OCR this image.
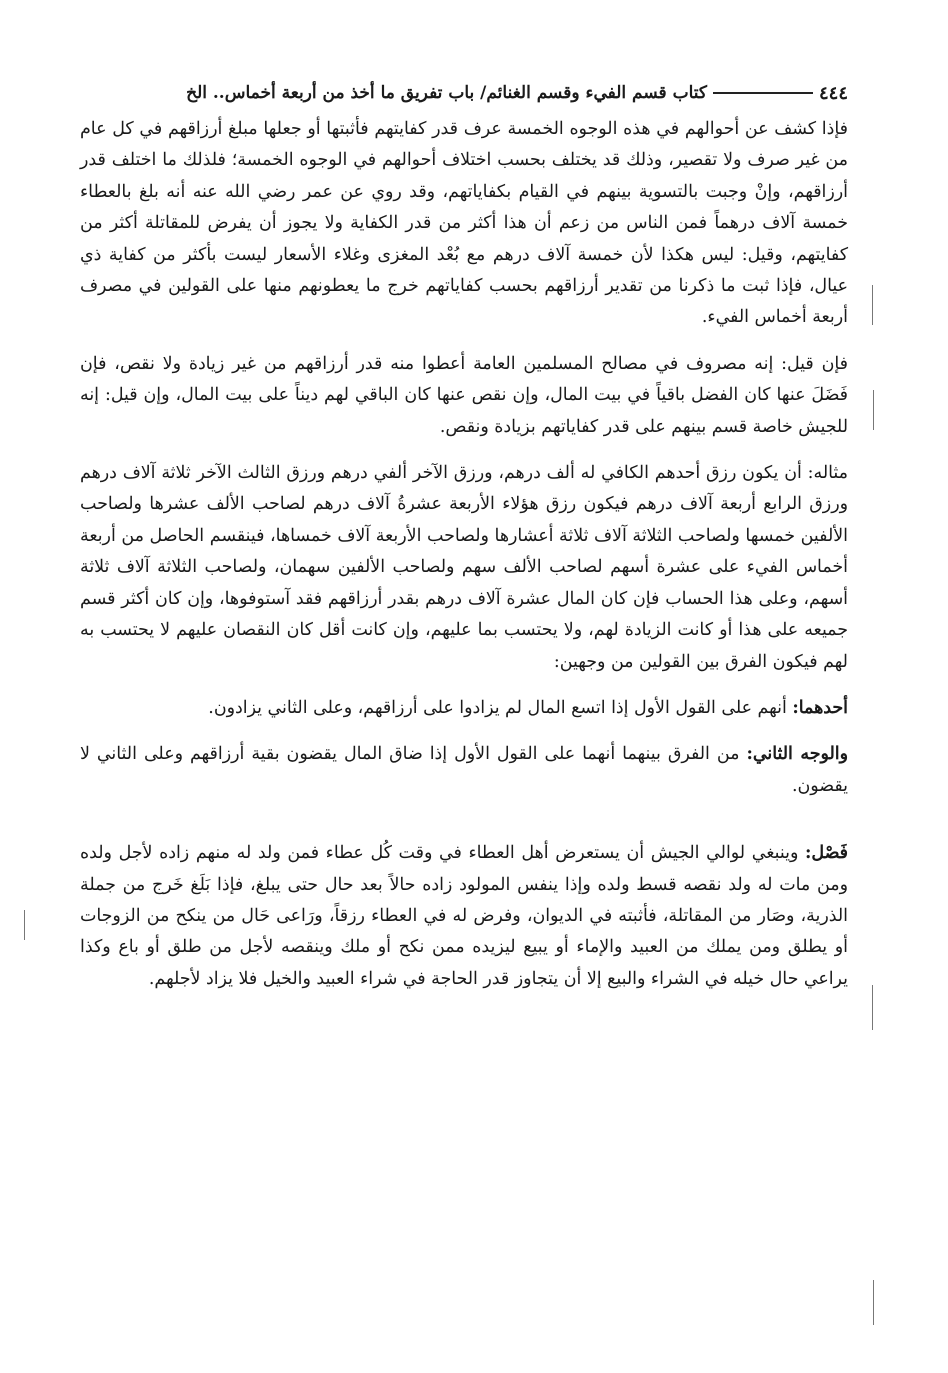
٤٤٤
كتاب قسم الفيء وقسم الغنائم/ باب تفريق ما أخذ من أربعة أخماس.. الخ

فإذا كشف عن أحوالهم في هذه الوجوه الخمسة عرف قدر كفايتهم فأثبتها أو جعلها مبلغ أرزاقهم في كل عام من غير صرف ولا تقصير، وذلك قد يختلف بحسب اختلاف أحوالهم في الوجوه الخمسة؛ فلذلك ما اختلف قدر أرزاقهم، وإنْ وجبت بالتسوية بينهم في القيام بكفاياتهم، وقد روي عن عمر رضي الله عنه أنه بلغ بالعطاء خمسة آلاف درهماً فمن الناس من زعم أن هذا أكثر من قدر الكفاية ولا يجوز أن يفرض للمقاتلة أكثر من كفايتهم، وقيل: ليس هكذا لأن خمسة آلاف درهم مع بُعْد المغزى وغلاء الأسعار ليست بأكثر من كفاية ذي عيال، فإذا ثبت ما ذكرنا من تقدير أرزاقهم بحسب كفاياتهم خرج ما يعطونهم منها على القولين في مصرف أربعة أخماس الفيء.

فإن قيل: إنه مصروف في مصالح المسلمين العامة أعطوا منه قدر أرزاقهم من غير زيادة ولا نقص، فإن فَضَلَ عنها كان الفضل باقياً في بيت المال، وإن نقص عنها كان الباقي لهم ديناً على بيت المال، وإن قيل: إنه للجيش خاصة قسم بينهم على قدر كفاياتهم بزيادة ونقص.

مثاله: أن يكون رزق أحدهم الكافي له ألف درهم، ورزق الآخر ألفي درهم ورزق الثالث الآخر ثلاثة آلاف درهم ورزق الرابع أربعة آلاف درهم فيكون رزق هؤلاء الأربعة عشرةُ آلاف درهم لصاحب الألف عشرها ولصاحب الألفين خمسها ولصاحب الثلاثة آلاف ثلاثة أعشارها ولصاحب الأربعة آلاف خمساها، فينقسم الحاصل من أربعة أخماس الفيء على عشرة أسهم لصاحب الألف سهم ولصاحب الألفين سهمان، ولصاحب الثلاثة آلاف ثلاثة أسهم، وعلى هذا الحساب فإن كان المال عشرة آلاف درهم بقدر أرزاقهم فقد آستوفوها، وإن كان أكثر قسم جميعه على هذا أو كانت الزيادة لهم، ولا يحتسب بما عليهم، وإن كانت أقل كان النقصان عليهم لا يحتسب به لهم فيكون الفرق بين القولين من وجهين:

أحدهما: أنهم على القول الأول إذا اتسع المال لم يزادوا على أرزاقهم، وعلى الثاني يزادون.

والوجه الثاني: من الفرق بينهما أنهما على القول الأول إذا ضاق المال يقضون بقية أرزاقهم وعلى الثاني لا يقضون.

فَصْل: وينبغي لوالي الجيش أن يستعرض أهل العطاء في وقت كُل عطاء فمن ولد له منهم زاده لأجل ولده ومن مات له ولد نقصه قسط ولده وإذا ينفس المولود زاده حالاً بعد حال حتى يبلغ، فإذا بَلَغ خَرج من جملة الذرية، وصَار من المقاتلة، فأثبته في الديوان، وفرض له في العطاء رزقاً، ورَاعى حَال من ينكح من الزوجات أو يطلق ومن يملك من العبيد والإماء أو يبيع ليزيده ممن نكح أو ملك وينقصه لأجل من طلق أو باع وكذا يراعي حال خيله في الشراء والبيع إلا أن يتجاوز قدر الحاجة في شراء العبيد والخيل فلا يزاد لأجلهم.
